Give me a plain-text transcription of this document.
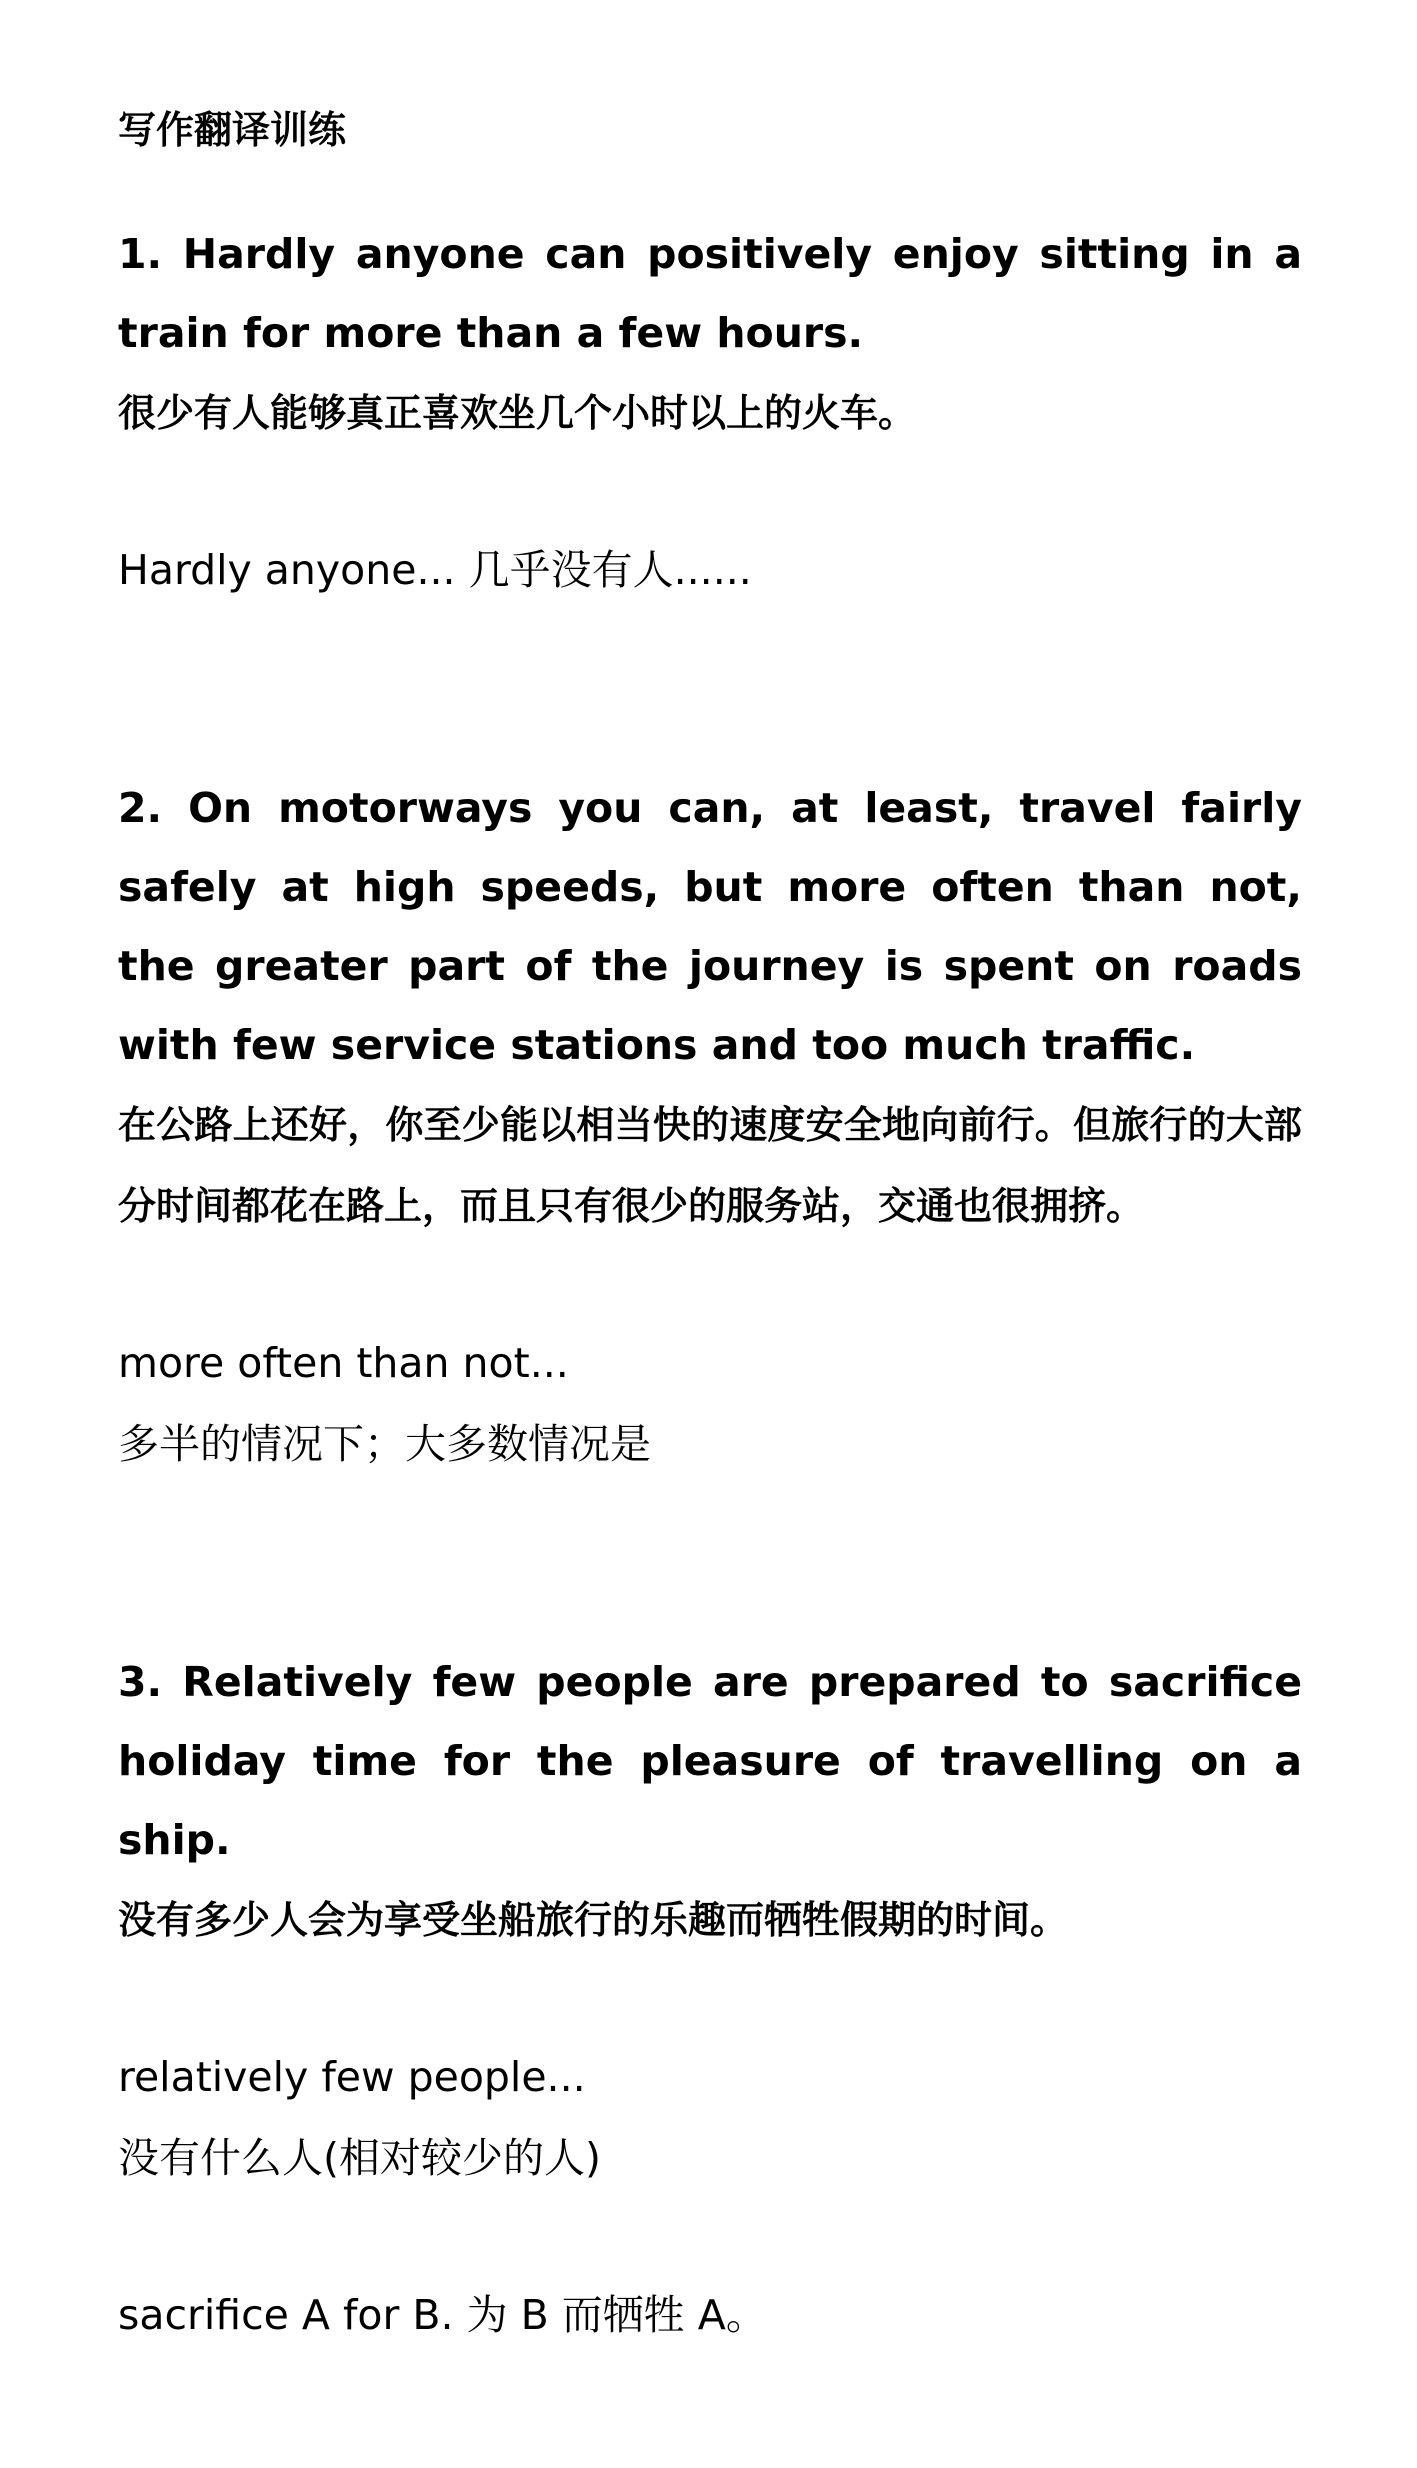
写作翻译训练

1. Hardly anyone can positively enjoy sitting in a train for more than a few hours.

很少有人能够真正喜欢坐几个小时以上的火车。

Hardly anyone... 几乎没有人......

2. On motorways you can, at least, travel fairly safely at high speeds, but more often than not, the greater part of the journey is spent on roads with few service stations and too much traffic.

在公路上还好，你至少能以相当快的速度安全地向前行。但旅行的大部分时间都花在路上，而且只有很少的服务站，交通也很拥挤。

more often than not...

多半的情况下；大多数情况是

3. Relatively few people are prepared to sacrifice holiday time for the pleasure of travelling on a ship.

没有多少人会为享受坐船旅行的乐趣而牺牲假期的时间。

relatively few people...

没有什么人(相对较少的人)

sacrifice A for B. 为 B 而牺牲 A。
